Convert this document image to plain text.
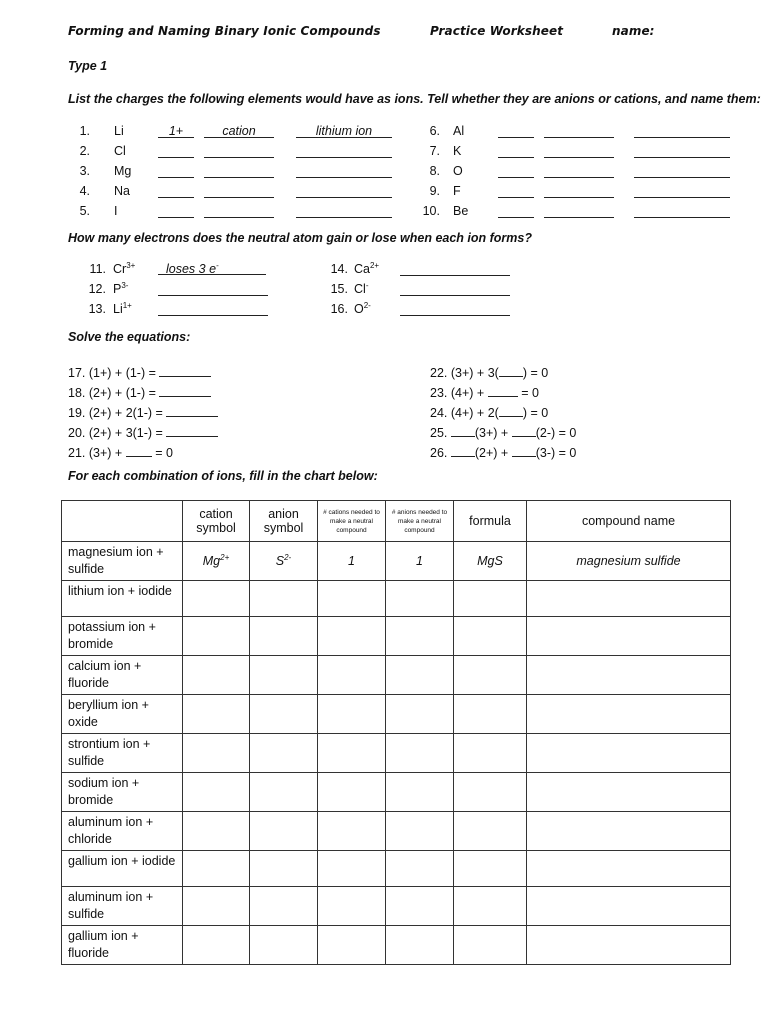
Forming and Naming Binary Ionic Compounds	Practice Worksheet	name:
Type 1
List the charges the following elements would have as ions. Tell whether they are anions or cations, and name them:
1. Li	1+	cation	lithium ion
2. Cl
3. Mg
4. Na
5. I
6. Al
7. K
8. O
9. F
10. Be
How many electrons does the neutral atom gain or lose when each ion forms?
11. $Cr^{3+}$	loses 3 e-
12. $P^{3-}$
13. $Li^{1+}$
14. $Ca^{2+}$
15. Cl-
16. $O^{2-}$
Solve the equations:
17. (1+) + (1-) =
18. (2+) + (1-) =
19. (2+) + 2(1-) =
20. (2+) + 3(1-) =
21. (3+) +	= 0
22. (3+) + 3( ) = 0
23. (4+) +	= 0
24. (4+) + 2( ) = 0
25. (3+) + (2-) = 0
26. (2+) + (3-) = 0
For each combination of ions, fill in the chart below:
	cation symbol	anion symbol	# cations needed to make a neutral compound	# anions needed to make a neutral compound	formula	compound name
magnesium ion + sulfide	$Mg^{2+}$	$S^{2-}$	1	1	MgS	magnesium sulfide
lithium ion + iodide						
potassium ion + bromide						
calcium ion + fluoride						
beryllium ion + oxide						
strontium ion + sulfide						
sodium ion + bromide						
aluminum ion + chloride						
gallium ion + iodide						
aluminum ion + sulfide						
gallium ion + fluoride						
